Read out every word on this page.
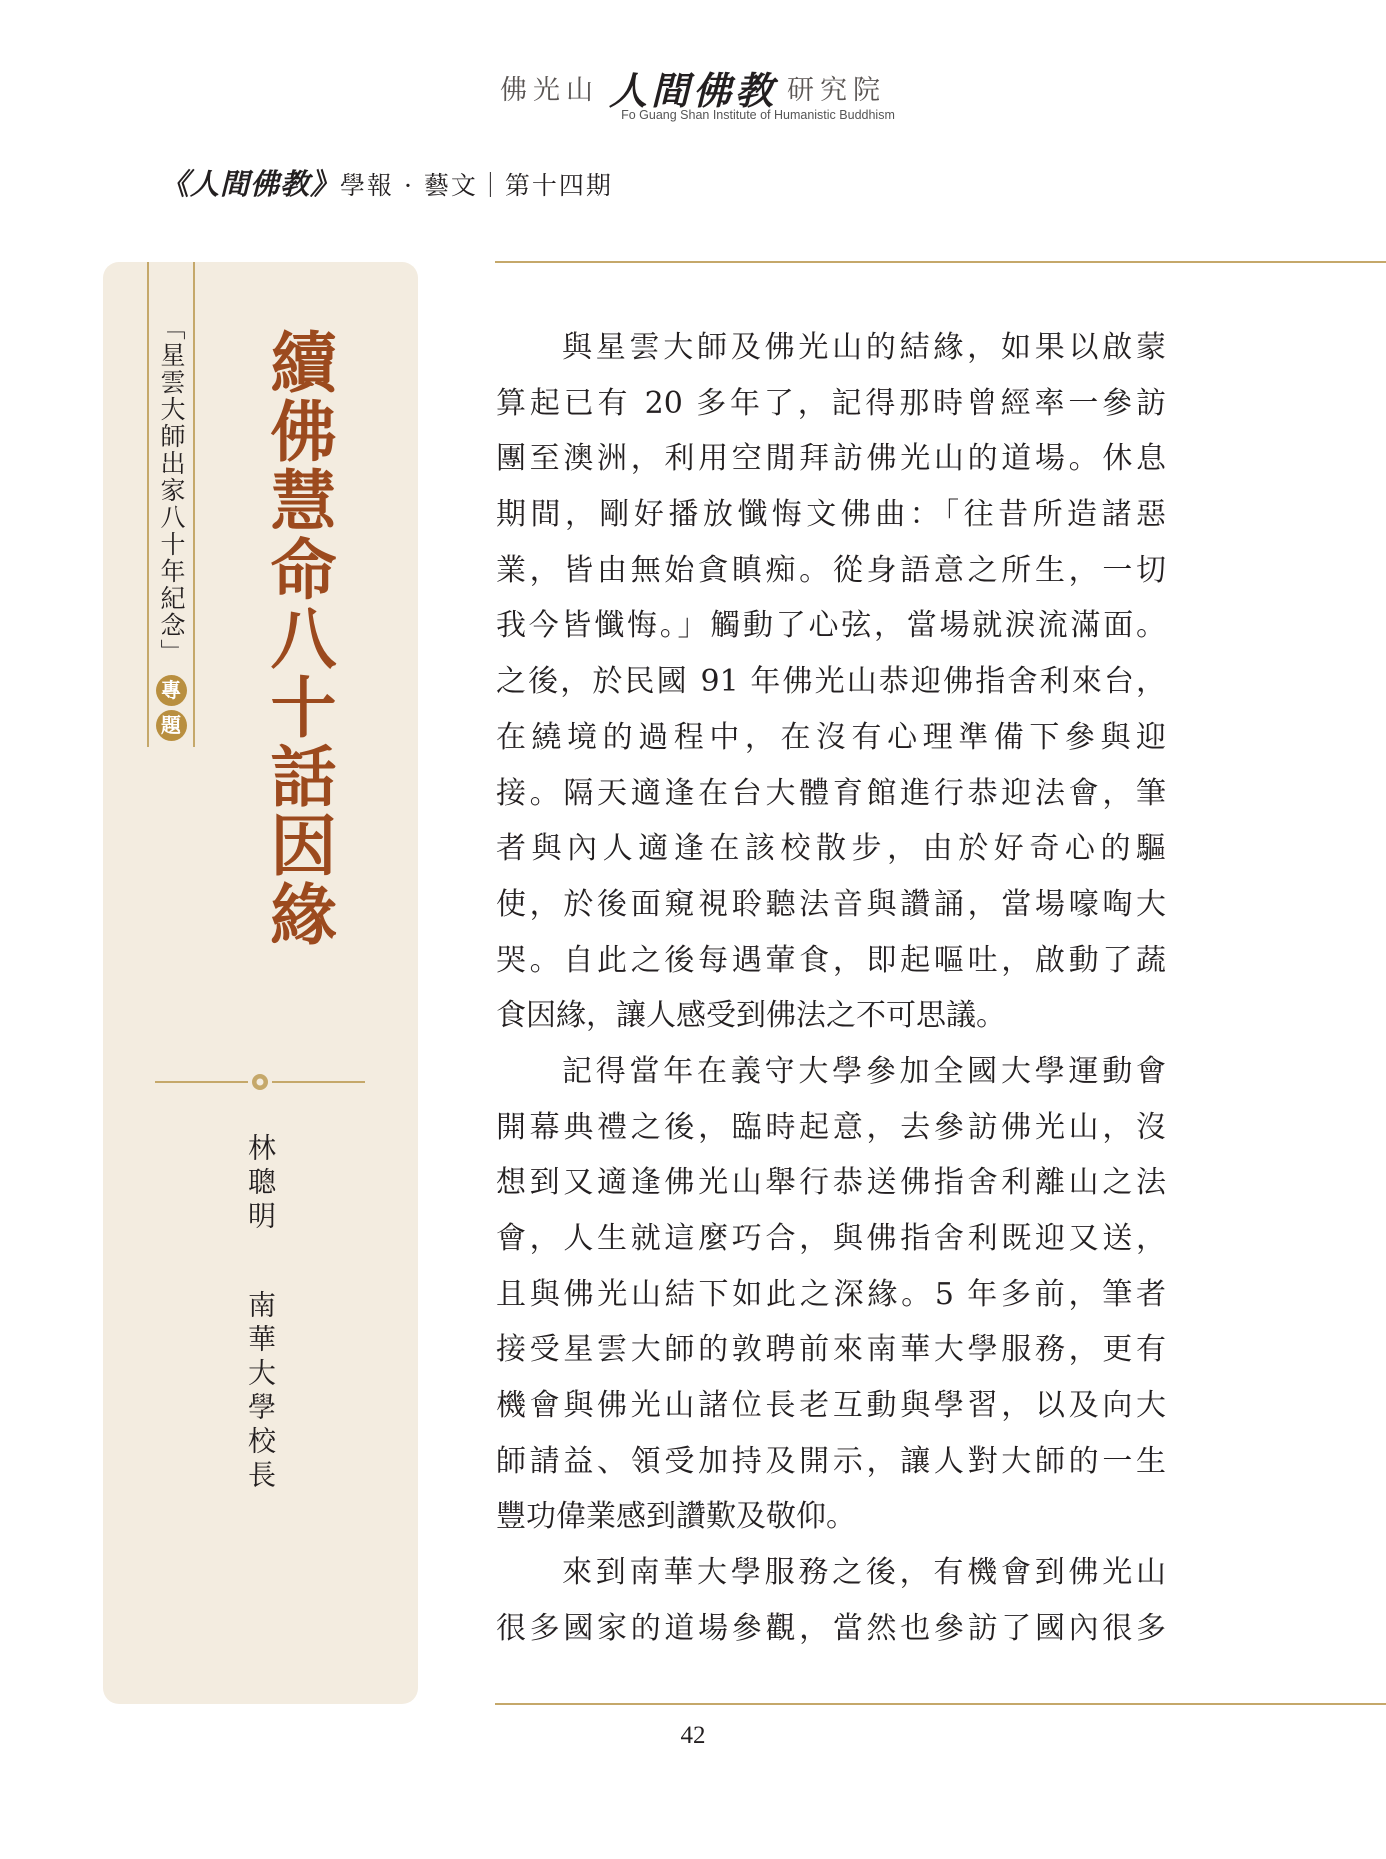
佛光山 人間佛教 研究院
Fo Guang Shan Institute of Humanistic Buddhism
《人間佛教》學報 · 藝文｜第十四期
「星雲大師出家八十年紀念」
專
題 續佛慧命八十話因緣
林聰明
南華大學校長
與星雲大師及佛光山的結緣，如果以啟蒙
算起已有 20 多年了，記得那時曾經率一參訪
團至澳洲，利用空閒拜訪佛光山的道場。休息
期間，剛好播放懺悔文佛曲：「往昔所造諸惡
業，皆由無始貪瞋痴。從身語意之所生，一切
我今皆懺悔。」觸動了心弦，當場就淚流滿面。
之後，於民國 91 年佛光山恭迎佛指舍利來台，
在繞境的過程中，在沒有心理準備下參與迎
接。隔天適逢在台大體育館進行恭迎法會，筆
者與內人適逢在該校散步，由於好奇心的驅
使，於後面窺視聆聽法音與讚誦，當場嚎啕大
哭。自此之後每遇葷食，即起嘔吐，啟動了蔬
食因緣，讓人感受到佛法之不可思議。
記得當年在義守大學參加全國大學運動會
開幕典禮之後，臨時起意，去參訪佛光山，沒
想到又適逢佛光山舉行恭送佛指舍利離山之法
會，人生就這麼巧合，與佛指舍利既迎又送，
且與佛光山結下如此之深緣。5 年多前，筆者
接受星雲大師的敦聘前來南華大學服務，更有
機會與佛光山諸位長老互動與學習，以及向大
師請益、領受加持及開示，讓人對大師的一生
豐功偉業感到讚歎及敬仰。
來到南華大學服務之後，有機會到佛光山
很多國家的道場參觀，當然也參訪了國內很多
42
